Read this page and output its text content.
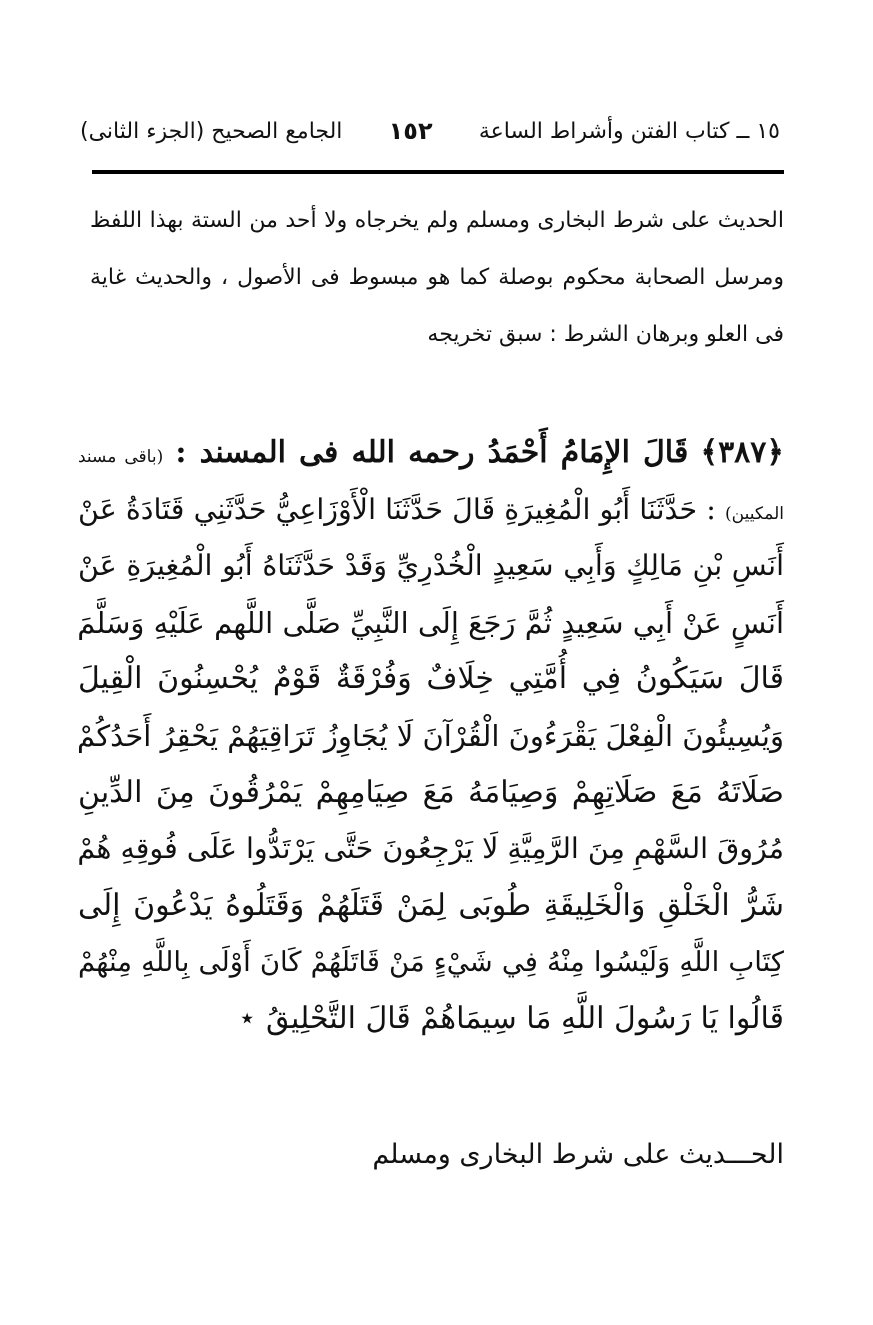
١٥ ــ كتاب الفتن وأشراط الساعة
١٥٢
الجامع الصحيح (الجزء الثانى)
الحديث على شرط البخارى ومسلم ولم يخرجاه ولا أحد من الستة بهذا اللفظ
ومرسل الصحابة محكوم بوصلة كما هو مبسوط فى الأصول ، والحديث غاية
فى العلو وبرهان الشرط : سبق تخريجه
﴿٣٨٧﴾ قَالَ الإِمَامُ أَحْمَدُ رحمه الله فى المسند : (باقى مسند
المكيين) : حَدَّثَنَا أَبُو الْمُغِيرَةِ قَالَ حَدَّثَنَا الْأَوْزَاعِيُّ حَدَّثَنِي قَتَادَةُ عَنْ
أَنَسِ بْنِ مَالِكٍ وَأَبِي سَعِيدٍ الْخُدْرِيِّ وَقَدْ حَدَّثَنَاهُ أَبُو الْمُغِيرَةِ عَنْ
أَنَسٍ عَنْ أَبِي سَعِيدٍ ثُمَّ رَجَعَ إِلَى النَّبِيِّ صَلَّى اللَّهم عَلَيْهِ وَسَلَّمَ
قَالَ سَيَكُونُ فِي أُمَّتِي خِلَافٌ وَفُرْقَةٌ قَوْمٌ يُحْسِنُونَ الْقِيلَ
وَيُسِيئُونَ الْفِعْلَ يَقْرَءُونَ الْقُرْآنَ لَا يُجَاوِزُ تَرَاقِيَهُمْ يَحْقِرُ أَحَدُكُمْ
صَلَاتَهُ مَعَ صَلَاتِهِمْ وَصِيَامَهُ مَعَ صِيَامِهِمْ يَمْرُقُونَ مِنَ الدِّينِ
مُرُوقَ السَّهْمِ مِنَ الرَّمِيَّةِ لَا يَرْجِعُونَ حَتَّى يَرْتَدُّوا عَلَى فُوقِهِ هُمْ
شَرُّ الْخَلْقِ وَالْخَلِيقَةِ طُوبَى لِمَنْ قَتَلَهُمْ وَقَتَلُوهُ يَدْعُونَ إِلَى
كِتَابِ اللَّهِ وَلَيْسُوا مِنْهُ فِي شَيْءٍ مَنْ قَاتَلَهُمْ كَانَ أَوْلَى بِاللَّهِ مِنْهُمْ
قَالُوا يَا رَسُولَ اللَّهِ مَا سِيمَاهُمْ قَالَ التَّحْلِيقُ ⋆
الحـــديث على شرط البخارى ومسلم
